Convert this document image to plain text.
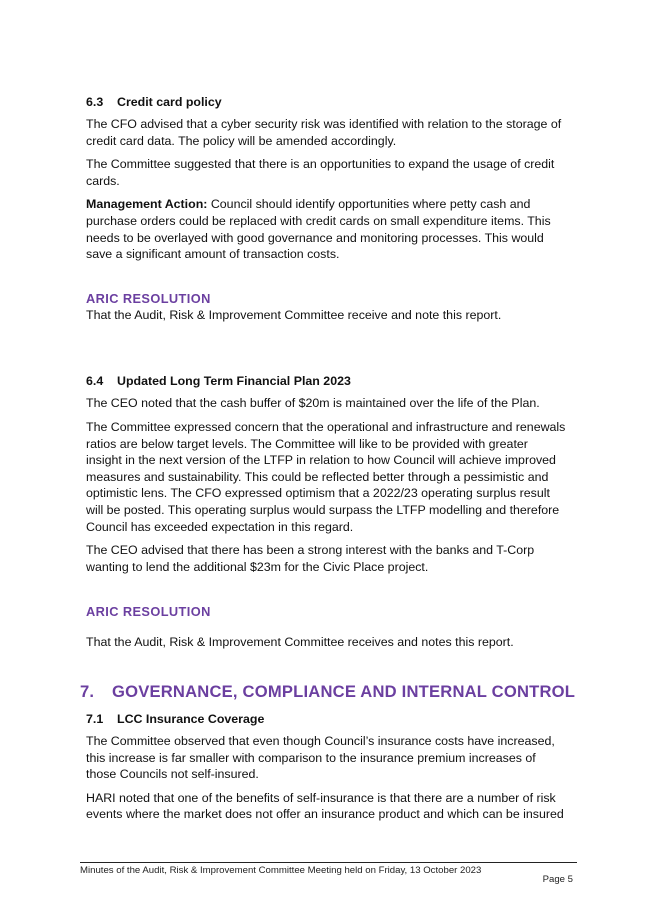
6.3 Credit card policy

The CFO advised that a cyber security risk was identified with relation to the storage of credit card data. The policy will be amended accordingly.

The Committee suggested that there is an opportunities to expand the usage of credit cards.

Management Action: Council should identify opportunities where petty cash and purchase orders could be replaced with credit cards on small expenditure items. This needs to be overlayed with good governance and monitoring processes. This would save a significant amount of transaction costs.

ARIC RESOLUTION

That the Audit, Risk & Improvement Committee receive and note this report.

6.4 Updated Long Term Financial Plan 2023

The CEO noted that the cash buffer of $20m is maintained over the life of the Plan.

The Committee expressed concern that the operational and infrastructure and renewals ratios are below target levels. The Committee will like to be provided with greater insight in the next version of the LTFP in relation to how Council will achieve improved measures and sustainability. This could be reflected better through a pessimistic and optimistic lens. The CFO expressed optimism that a 2022/23 operating surplus result will be posted. This operating surplus would surpass the LTFP modelling and therefore Council has exceeded expectation in this regard.

The CEO advised that there has been a strong interest with the banks and T-Corp wanting to lend the additional $23m for the Civic Place project.

ARIC RESOLUTION

That the Audit, Risk & Improvement Committee receives and notes this report.

7. GOVERNANCE, COMPLIANCE AND INTERNAL CONTROL
7.1 LCC Insurance Coverage

The Committee observed that even though Council’s insurance costs have increased, this increase is far smaller with comparison to the insurance premium increases of those Councils not self-insured.

HARI noted that one of the benefits of self-insurance is that there are a number of risk events where the market does not offer an insurance product and which can be insured

Minutes of the Audit, Risk & Improvement Committee Meeting held on Friday, 13 October 2023
Page 5
